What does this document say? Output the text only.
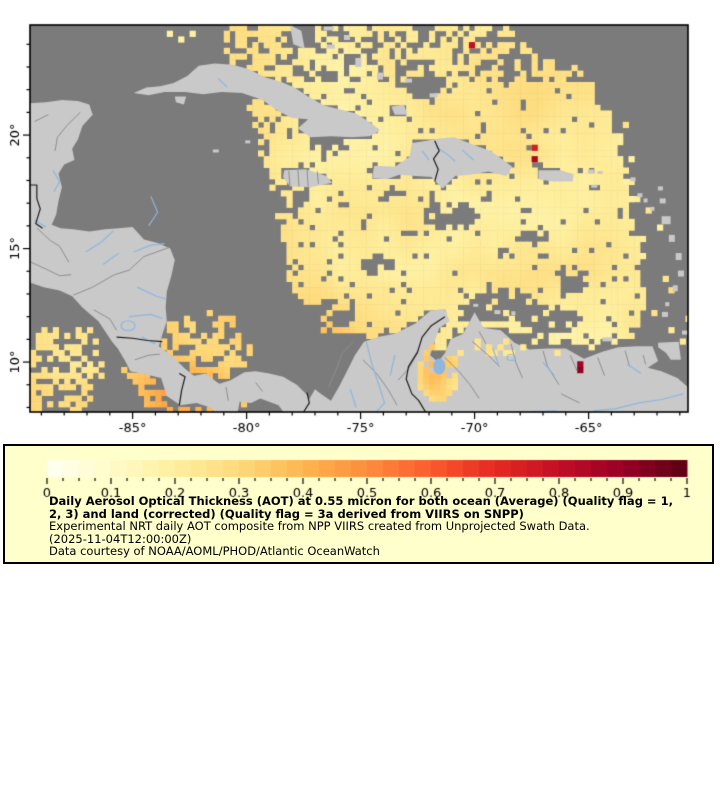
Daily Aerosol Optical Thickness (AOT) at 0.55 micron for both ocean (Average) (Quality flag = 1,
2, 3) and land (corrected) (Quality flag = 3a derived from VIIRS on SNPP)
Experimental NRT daily AOT composite from NPP VIIRS created from Unprojected Swath Data.
(2025-11-04T12:00:00Z)
Data courtesy of NOAA/AOML/PHOD/Atlantic OceanWatch
